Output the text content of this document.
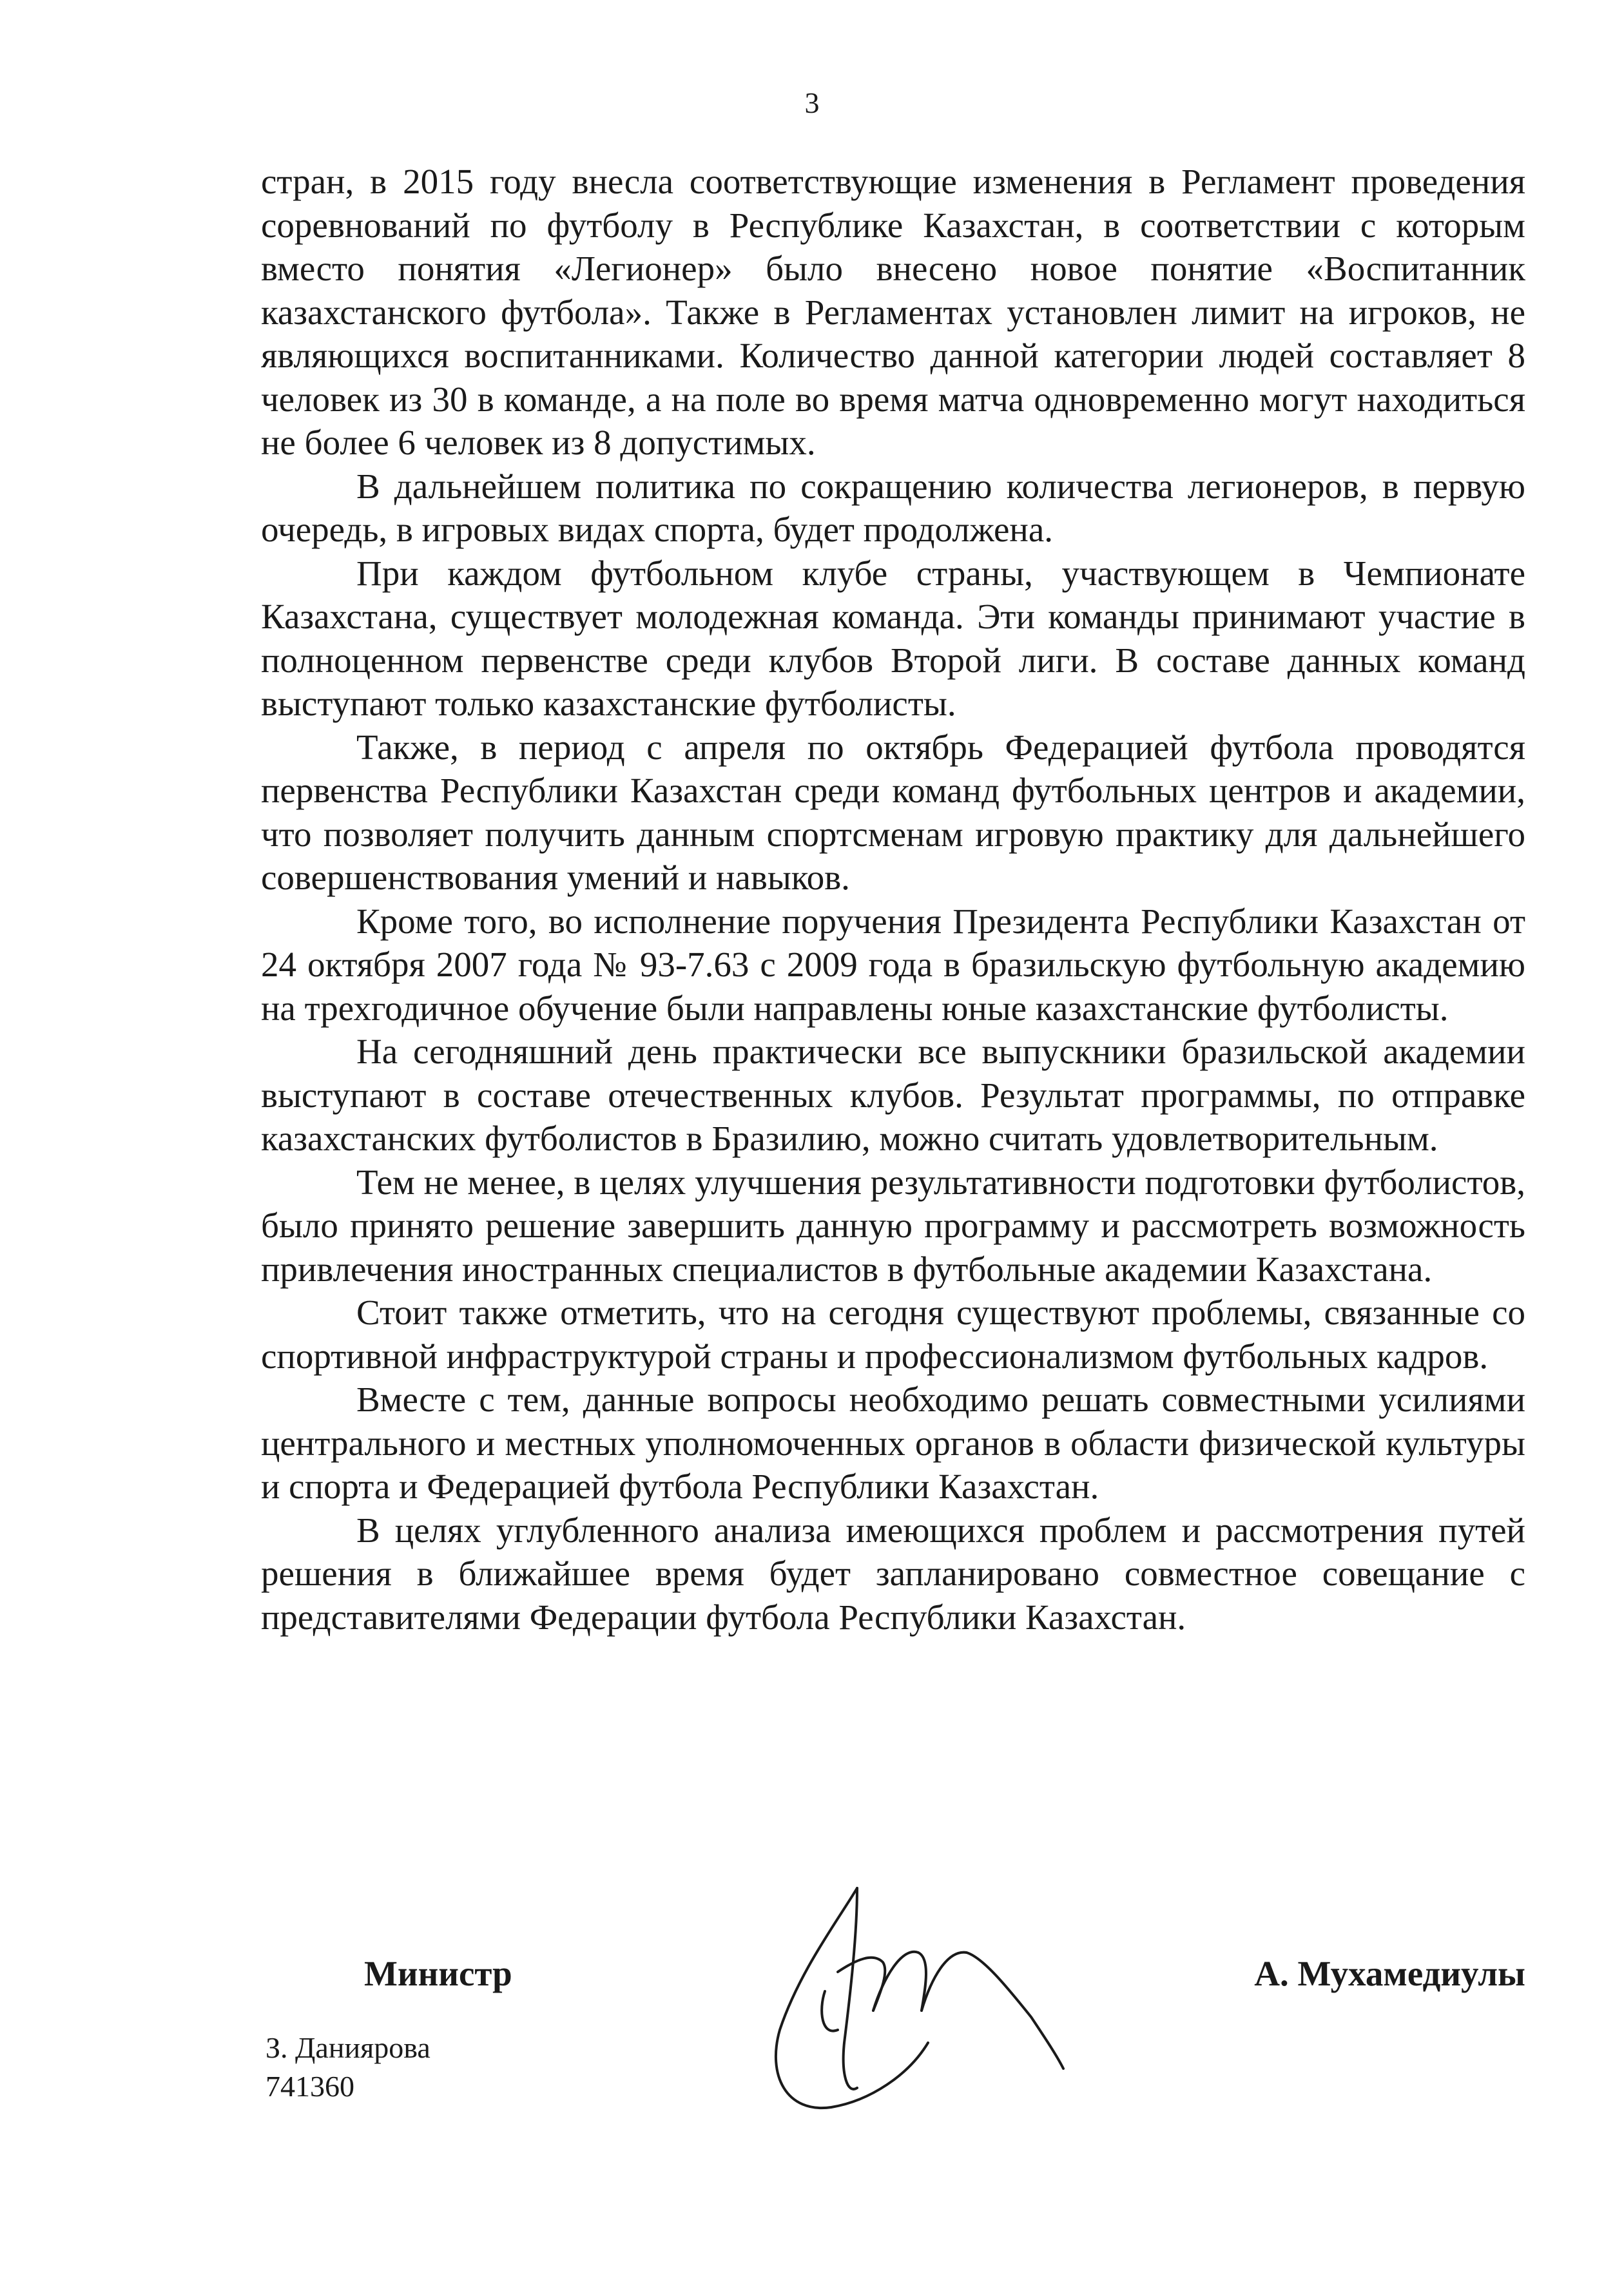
3

стран, в 2015 году внесла соответствующие изменения в Регламент проведения соревнований по футболу в Республике Казахстан, в соответствии с которым вместо понятия «Легионер» было внесено новое понятие «Воспитанник казахстанского футбола». Также в Регламентах установлен лимит на игроков, не являющихся воспитанниками. Количество данной категории людей составляет 8 человек из 30 в команде, а на поле во время матча одновременно могут находиться не более 6 человек из 8 допустимых.

В дальнейшем политика по сокращению количества легионеров, в первую очередь, в игровых видах спорта, будет продолжена.

При каждом футбольном клубе страны, участвующем в Чемпионате Казахстана, существует молодежная команда. Эти команды принимают участие в полноценном первенстве среди клубов Второй лиги. В составе данных команд выступают только казахстанские футболисты.

Также, в период с апреля по октябрь Федерацией футбола проводятся первенства Республики Казахстан среди команд футбольных центров и академии, что позволяет получить данным спортсменам игровую практику для дальнейшего совершенствования умений и навыков.

Кроме того, во исполнение поручения Президента Республики Казахстан от 24 октября 2007 года № 93-7.63 с 2009 года в бразильскую футбольную академию на трехгодичное обучение были направлены юные казахстанские футболисты.

На сегодняшний день практически все выпускники бразильской академии выступают в составе отечественных клубов. Результат программы, по отправке казахстанских футболистов в Бразилию, можно считать удовлетворительным.

Тем не менее, в целях улучшения результативности подготовки футболистов, было принято решение завершить данную программу и рассмотреть возможность привлечения иностранных специалистов в футбольные академии Казахстана.

Стоит также отметить, что на сегодня существуют проблемы, связанные со спортивной инфраструктурой страны и профессионализмом футбольных кадров.

Вместе с тем, данные вопросы необходимо решать совместными усилиями центрального и местных уполномоченных органов в области физической культуры и спорта и Федерацией футбола Республики Казахстан.

В целях углубленного анализа имеющихся проблем и рассмотрения путей решения в ближайшее время будет запланировано совместное совещание с представителями Федерации футбола Республики Казахстан.

Министр	А. Мухамедиулы
З. Даниярова
741360
